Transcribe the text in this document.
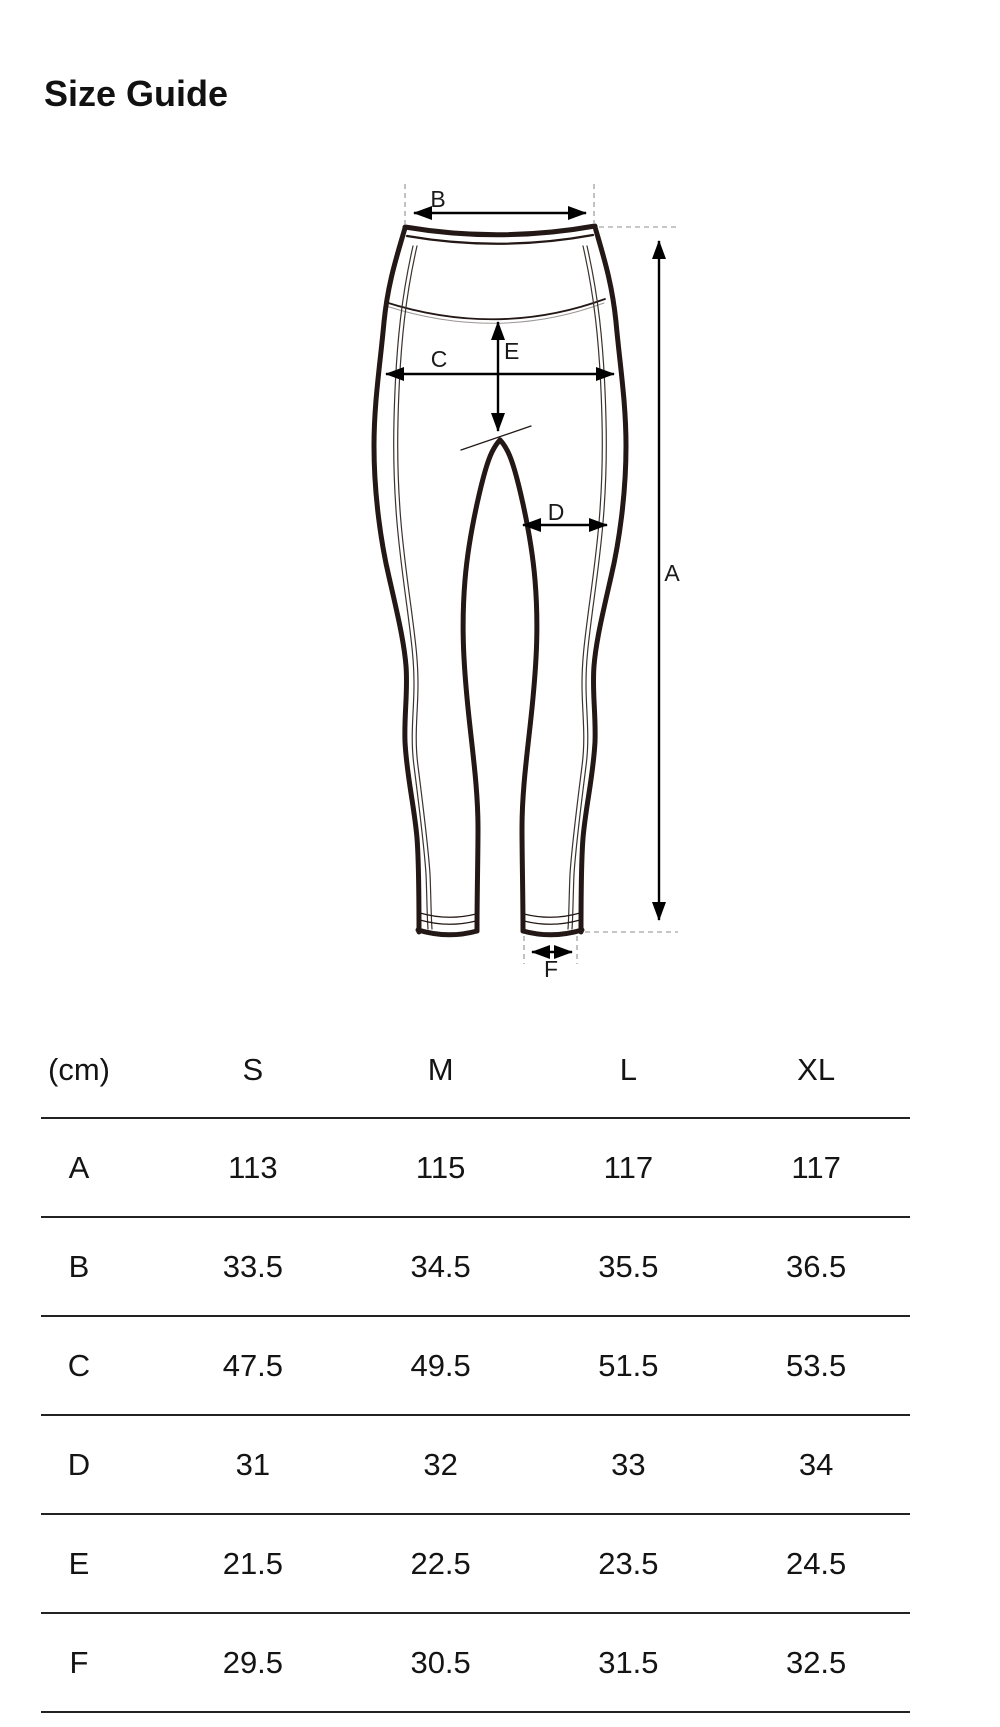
Size Guide
B
C E
D
A
F
(cm)	S	M	L	XL
A	113	115	117	117
B	33.5	34.5	35.5	36.5
C	47.5	49.5	51.5	53.5
D	31	32	33	34
E	21.5	22.5	23.5	24.5
F	29.5	30.5	31.5	32.5
